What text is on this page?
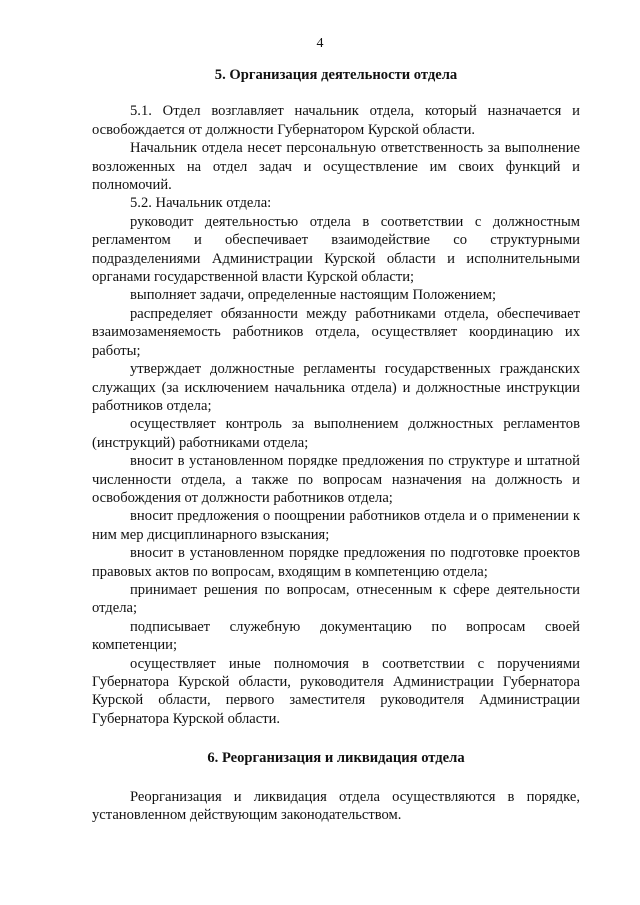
4

5. Организация деятельности отдела

5.1. Отдел возглавляет начальник отдела, который назначается и освобождается от должности Губернатором Курской области.

Начальник отдела несет персональную ответственность за выполнение возложенных на отдел задач и осуществление им своих функций и полномочий.

5.2. Начальник отдела:

руководит деятельностью отдела в соответствии с должностным регламентом и обеспечивает взаимодействие со структурными подразделениями Администрации Курской области и исполнительными органами государственной власти Курской области;

выполняет задачи, определенные настоящим Положением;

распределяет обязанности между работниками отдела, обеспечивает взаимозаменяемость работников отдела, осуществляет координацию их работы;

утверждает должностные регламенты государственных гражданских служащих (за исключением начальника отдела) и должностные инструкции работников отдела;

осуществляет контроль за выполнением должностных регламентов (инструкций) работниками отдела;

вносит в установленном порядке предложения по структуре и штатной численности отдела, а также по вопросам назначения на должность и освобождения от должности работников отдела;

вносит предложения о поощрении работников отдела и о применении к ним мер дисциплинарного взыскания;

вносит в установленном порядке предложения по подготовке проектов правовых актов по вопросам, входящим в компетенцию отдела;

принимает решения по вопросам, отнесенным к сфере деятельности отдела;

подписывает служебную документацию по вопросам своей компетенции;

осуществляет иные полномочия в соответствии с поручениями Губернатора Курской области, руководителя Администрации Губернатора Курской области, первого заместителя руководителя Администрации Губернатора Курской области.

6. Реорганизация и ликвидация отдела

Реорганизация и ликвидация отдела осуществляются в порядке, установленном действующим законодательством.
